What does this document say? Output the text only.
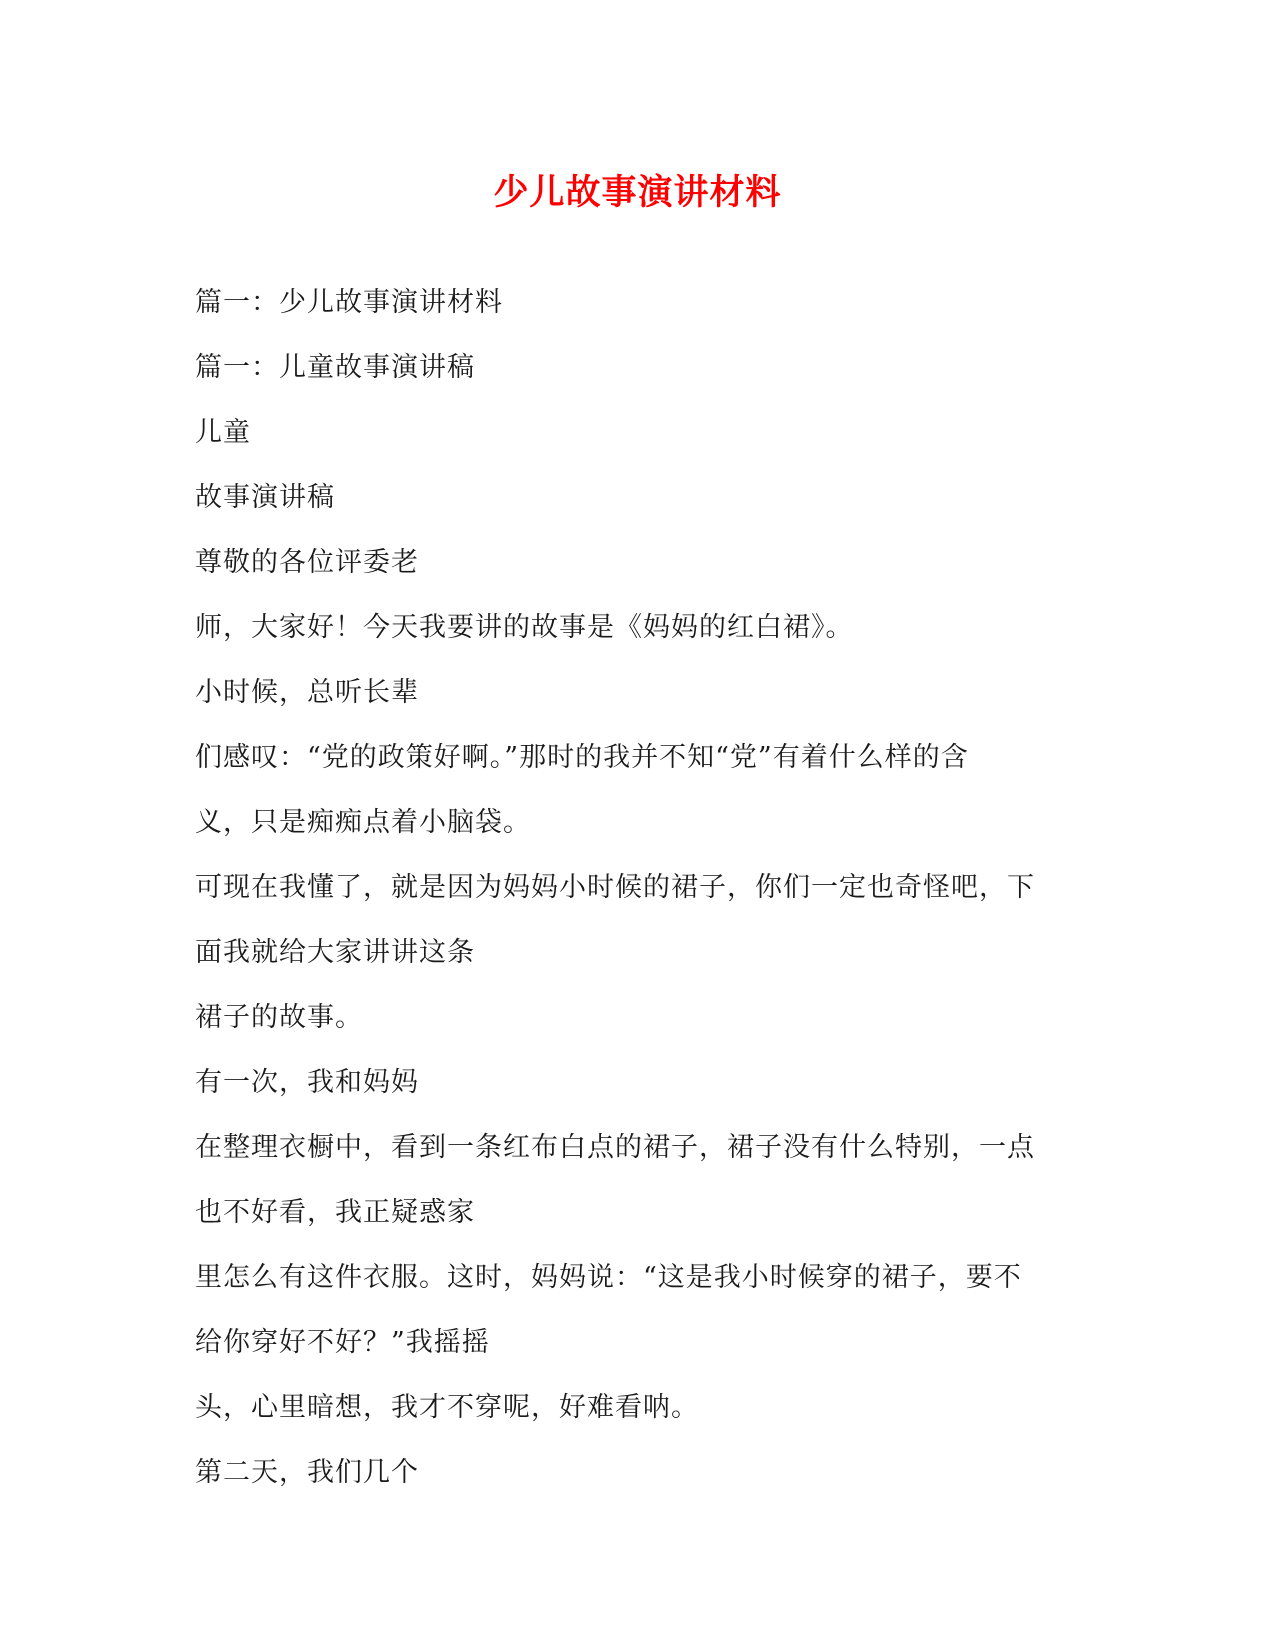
少儿故事演讲材料
篇一：少儿故事演讲材料
篇一：儿童故事演讲稿
儿童
故事演讲稿
尊敬的各位评委老
师，大家好！今天我要讲的故事是《妈妈的红白裙》。
小时候，总听长辈
们感叹：“党的政策好啊。”那时的我并不知“党”有着什么样的含
义，只是痴痴点着小脑袋。
可现在我懂了，就是因为妈妈小时候的裙子，你们一定也奇怪吧，下
面我就给大家讲讲这条
裙子的故事。
有一次，我和妈妈
在整理衣橱中，看到一条红布白点的裙子，裙子没有什么特别，一点
也不好看，我正疑惑家
里怎么有这件衣服。这时，妈妈说：“这是我小时候穿的裙子，要不
给你穿好不好？”我摇摇
头，心里暗想，我才不穿呢，好难看呐。
第二天，我们几个
